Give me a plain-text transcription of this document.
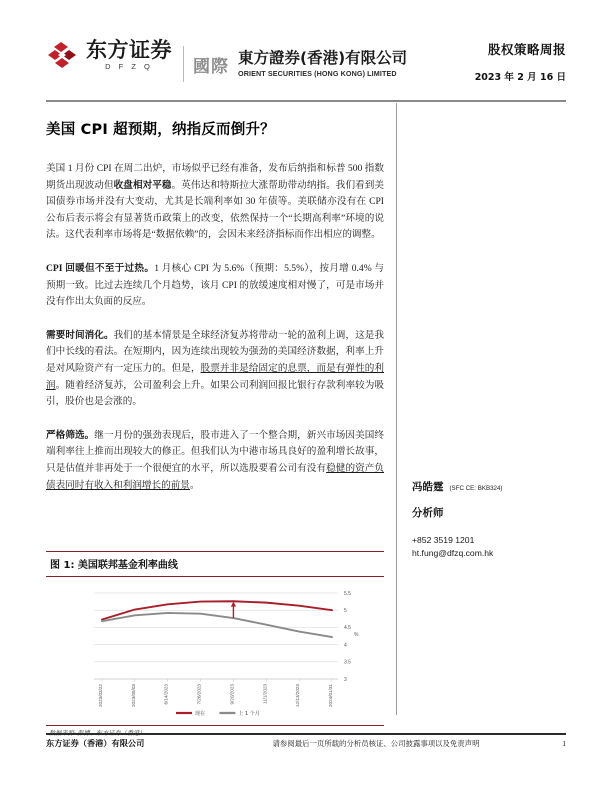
东方证券
D F Z Q	國際 東方證券(香港)有限公司
ORIENT SECURITIES (HONG KONG) LIMITED
股权策略周报
2023 年 2 月 16 日
美国 CPI 超预期，纳指反而倒升？
美国 1 月份 CPI 在周二出炉，市场似乎已经有准备，发布后纳指和标普 500 指数期货出现波动但收盘相对平稳。英伟达和特斯拉大涨帮助带动纳指。我们看到美国债券市场并没有大变动，尤其是长端利率如 30 年债等。美联储亦没有在 CPI 公布后表示将会有显著货币政策上的改变，依然保持一个“长期高利率”环境的说法。这代表利率市场将是“数据依赖”的，会因未来经济指标而作出相应的调整。
CPI 回暖但不至于过热。1 月核心 CPI 为 5.6%（预期：5.5%），按月增 0.4% 与预期一致。比过去连续几个月趋势，该月 CPI 的放缓速度相对慢了，可是市场并没有作出太负面的反应。
需要时间消化。我们的基本情景是全球经济复苏将带动一轮的盈利上调，这是我们中长线的看法。在短期内，因为连续出现较为强劲的美国经济数据，利率上升是对风险资产有一定压力的。但是，股票并非是给固定的息票，而是有弹性的利润。随着经济复苏，公司盈利会上升。如果公司利润回报比银行存款利率较为吸引，股价也是会涨的。
严格筛选。继一月份的强劲表现后，股市进入了一个整合期，新兴市场因美国终端利率往上推而出现较大的修正。但我们认为中港市场具良好的盈利增长故事，只是估值并非再处于一个很便宜的水平，所以选股要看公司有没有稳健的资产负债表同时有收入和利润增长的前景。	冯皓霆 (SFC CE: BKB324)
分析师
+852 3519 1201
ht.fung@dfzq.com.hk
图 1: 美国联邦基金利率曲线
3
3.5
4
4.5
5
5.5
%
2023/03/22	2023/05/03	6/14/2023	7/26/2023	9/20/2023	11/1/2023	12/13/2023	2024/01/31
现在	上 1 个月
东方证券（香港）有限公司	请参阅最后一页所载的分析员核证、公司披露事项以及免责声明	1
